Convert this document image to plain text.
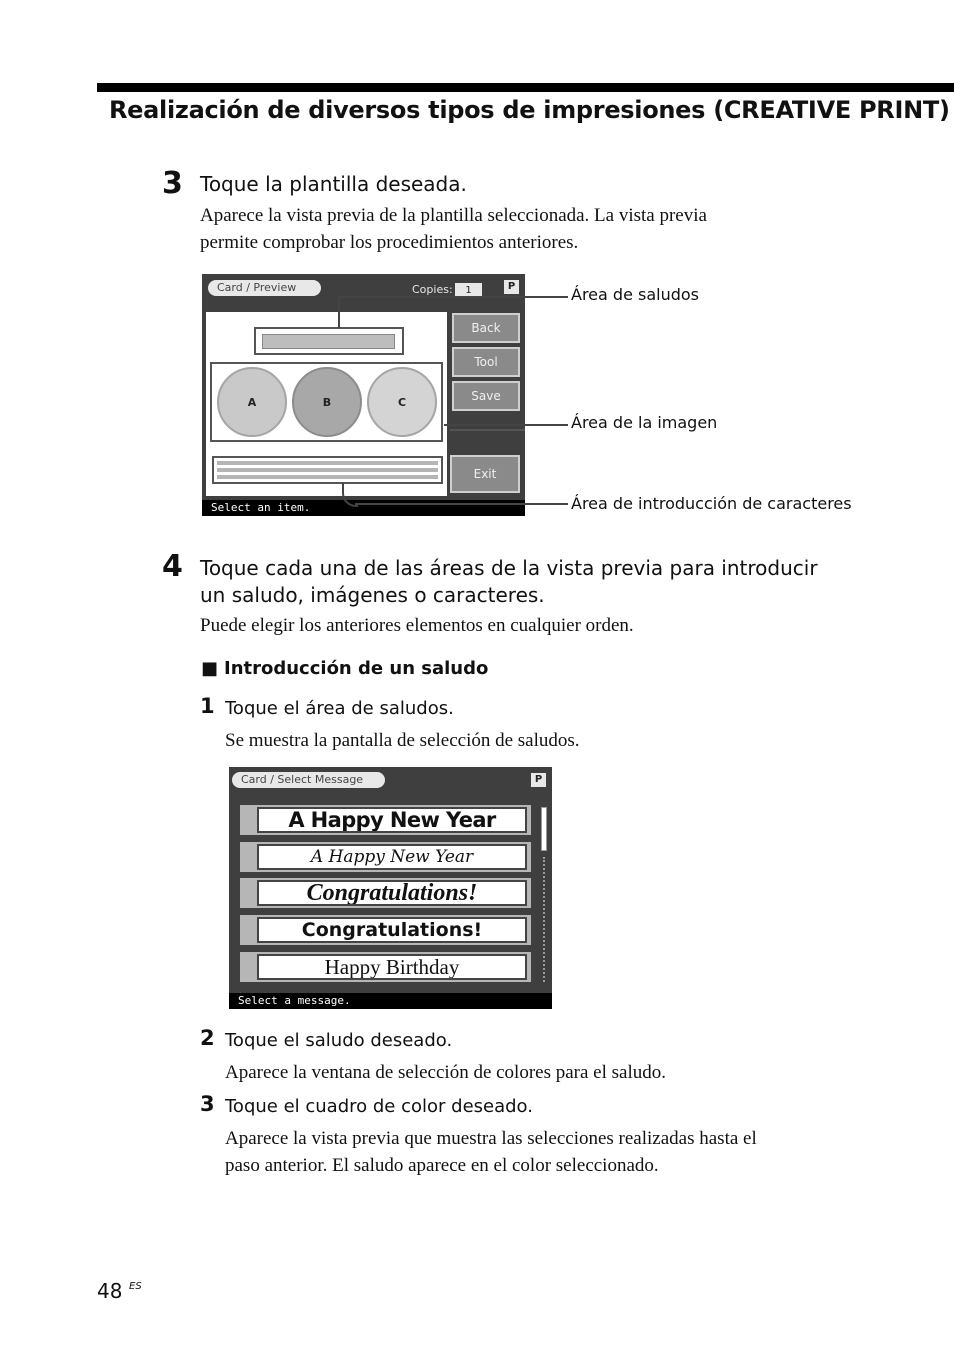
Realización de diversos tipos de impresiones (CREATIVE PRINT)
3 Toque la plantilla deseada.
Aparece la vista previa de la plantilla seleccionada. La vista previa
permite comprobar los procedimientos anteriores.
Card / Preview	Copies:	1	P
A	B	C
Back
Tool
Save
Exit
Select an item.
Área de saludos
Área de la imagen
Área de introducción de caracteres
4 Toque cada una de las áreas de la vista previa para introducir
un saludo, imágenes o caracteres.
Puede elegir los anteriores elementos en cualquier orden.
■ Introducción de un saludo
1 Toque el área de saludos.
Se muestra la pantalla de selección de saludos.
Card / Select Message	P
A Happy New Year
A Happy New Year
Congratulations!
Congratulations!
Happy Birthday
Select a message.
2 Toque el saludo deseado.
Aparece la ventana de selección de colores para el saludo.
3 Toque el cuadro de color deseado.
Aparece la vista previa que muestra las selecciones realizadas hasta el
paso anterior. El saludo aparece en el color seleccionado.
48 ES
